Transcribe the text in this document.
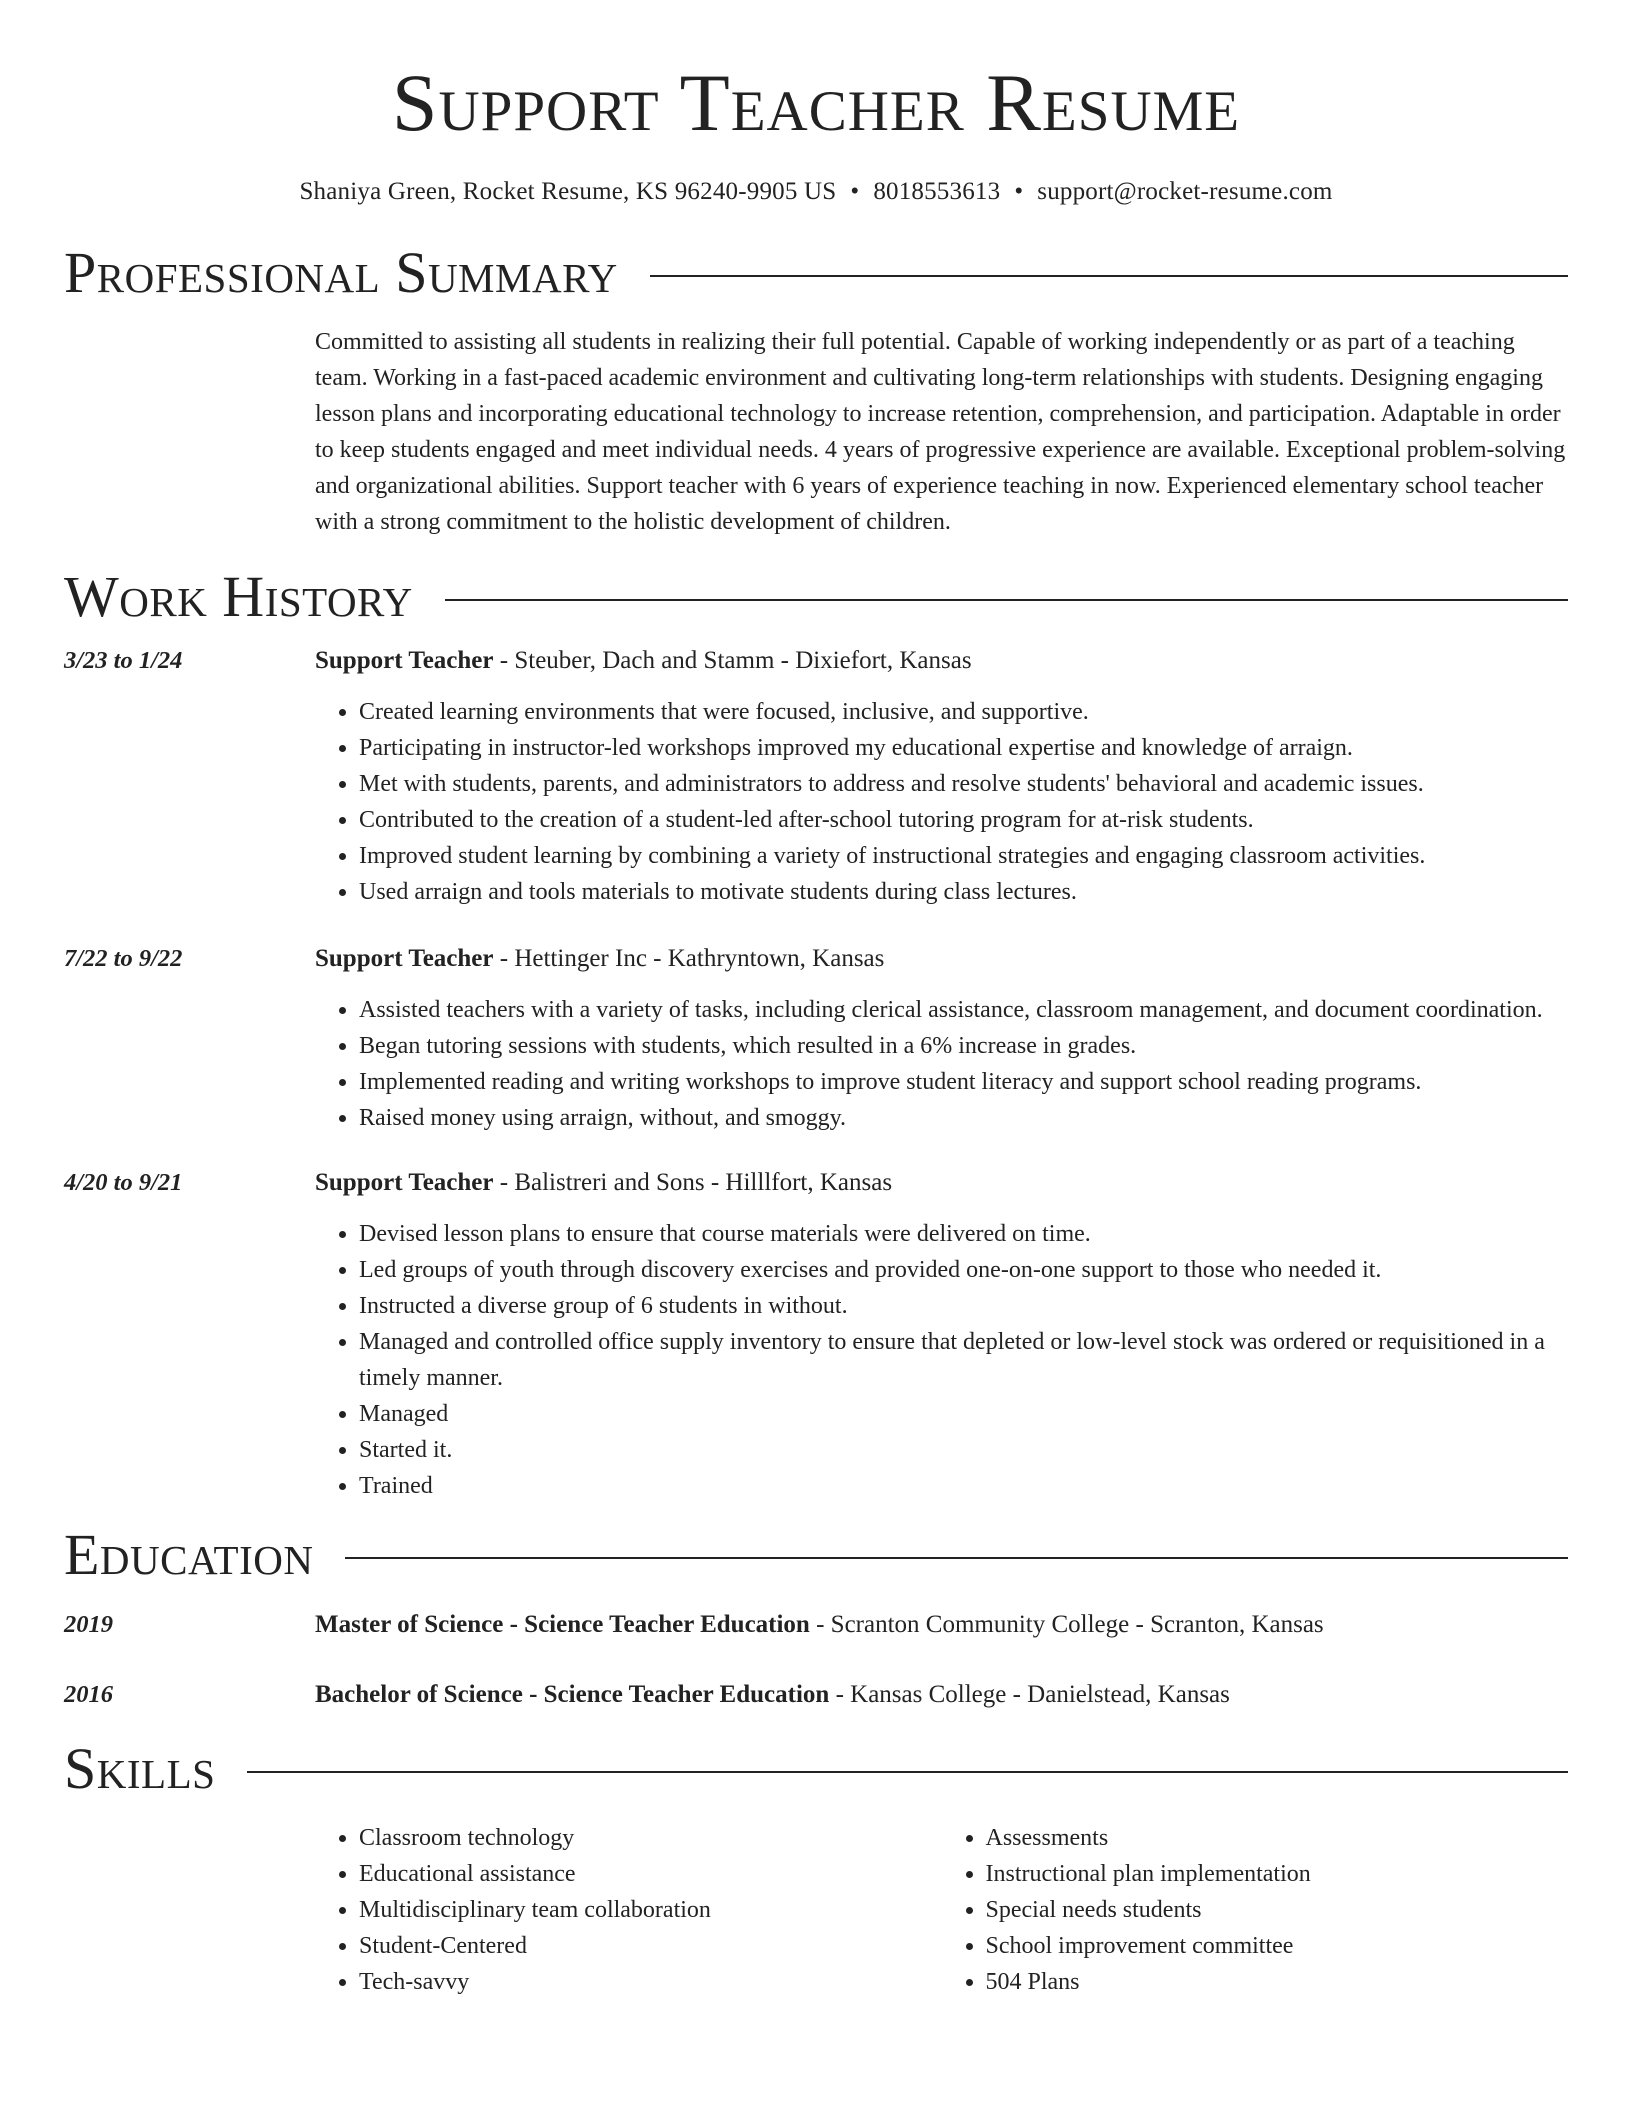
Support Teacher Resume
Shaniya Green, Rocket Resume, KS 96240-9905 US • 8018553613 • support@rocket-resume.com
Professional Summary

Committed to assisting all students in realizing their full potential. Capable of working independently or as part of a teaching team. Working in a fast-paced academic environment and cultivating long-term relationships with students. Designing engaging lesson plans and incorporating educational technology to increase retention, comprehension, and participation. Adaptable in order to keep students engaged and meet individual needs. 4 years of progressive experience are available. Exceptional problem-solving and organizational abilities. Support teacher with 6 years of experience teaching in now. Experienced elementary school teacher with a strong commitment to the holistic development of children.

Work History
3/23 to 1/24	Support Teacher - Steuber, Dach and Stamm - Dixiefort, Kansas
• Created learning environments that were focused, inclusive, and supportive.
• Participating in instructor-led workshops improved my educational expertise and knowledge of arraign.
• Met with students, parents, and administrators to address and resolve students' behavioral and academic issues.
• Contributed to the creation of a student-led after-school tutoring program for at-risk students.
• Improved student learning by combining a variety of instructional strategies and engaging classroom activities.
• Used arraign and tools materials to motivate students during class lectures.
7/22 to 9/22	Support Teacher - Hettinger Inc - Kathryntown, Kansas
• Assisted teachers with a variety of tasks, including clerical assistance, classroom management, and document coordination.
• Began tutoring sessions with students, which resulted in a 6% increase in grades.
• Implemented reading and writing workshops to improve student literacy and support school reading programs.
• Raised money using arraign, without, and smoggy.
4/20 to 9/21	Support Teacher - Balistreri and Sons - Hilllfort, Kansas
• Devised lesson plans to ensure that course materials were delivered on time.
• Led groups of youth through discovery exercises and provided one-on-one support to those who needed it.
• Instructed a diverse group of 6 students in without.
• Managed and controlled office supply inventory to ensure that depleted or low-level stock was ordered or requisitioned in a timely manner.
• Managed
• Started it.
• Trained
Education
2019	Master of Science - Science Teacher Education - Scranton Community College - Scranton, Kansas
2016	Bachelor of Science - Science Teacher Education - Kansas College - Danielstead, Kansas
Skills
• Classroom technology
• Educational assistance
• Multidisciplinary team collaboration
• Student-Centered
• Tech-savvy
• Assessments
• Instructional plan implementation
• Special needs students
• School improvement committee
• 504 Plans
